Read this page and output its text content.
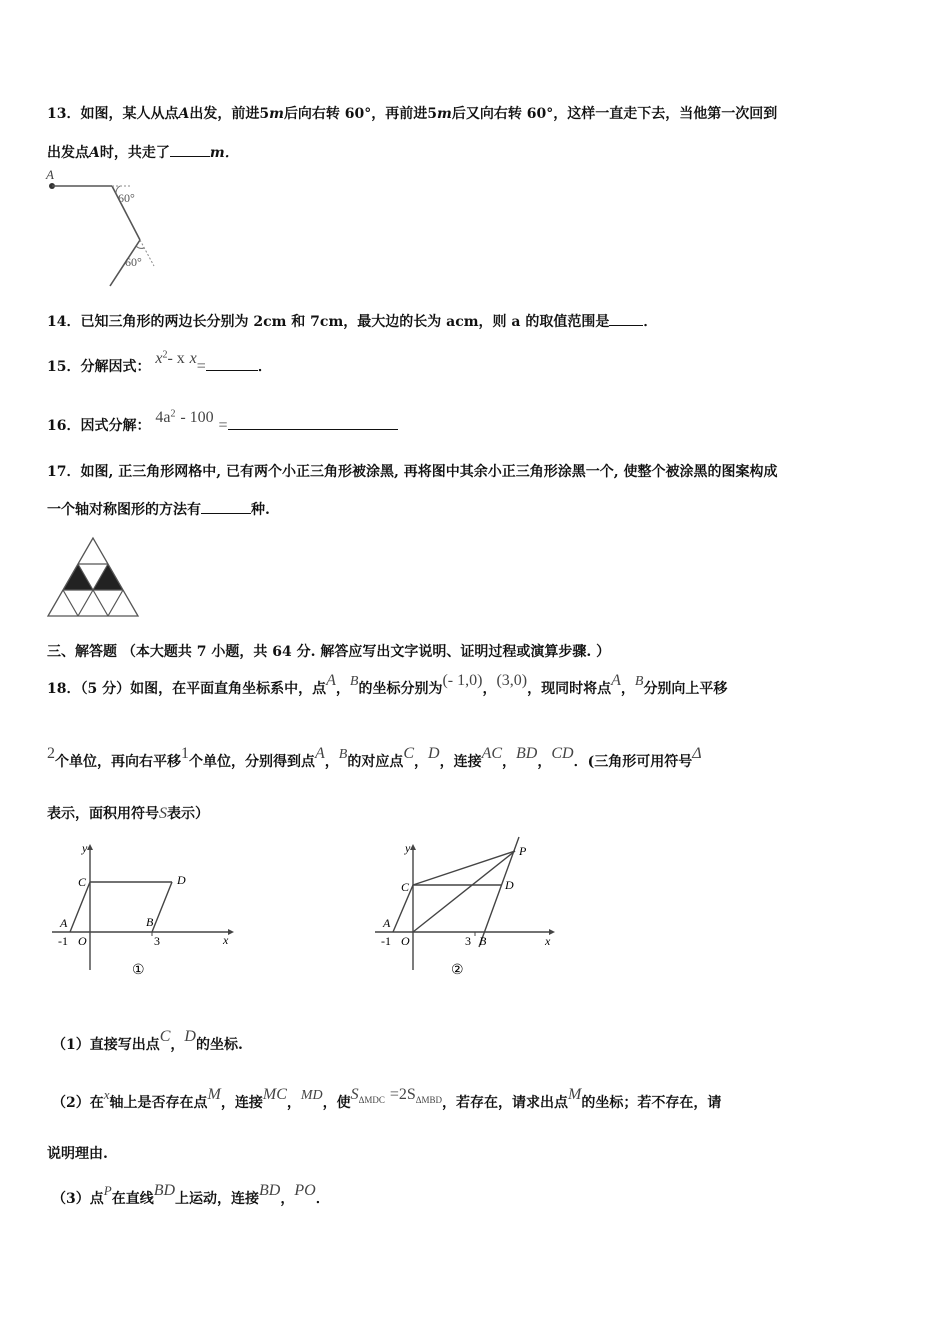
13．如图，某人从点A出发，前进5m后向右转 60°，再前进5m后又向右转 60°，这样一直走下去，当他第一次回到
出发点A时，共走了	m．
A
60°
60°
14．已知三角形的两边长分别为 2cm 和 7cm，最大边的长为 acm，则 a 的取值范围是 ．
15．分解因式： $x^2-$ x x=	．
16．因式分解： $4a^2 - 100$ =
17．如图, 正三角形网格中, 已有两个小正三角形被涂黑, 再将图中其余小正三角形涂黑一个, 使整个被涂黑的图案构成
一个轴对称图形的方法有	种.
三、解答题 （本大题共 7 小题，共 64 分. 解答应写出文字说明、证明过程或演算步骤. ）
18．（5 分）如图，在平面直角坐标系中，点A，B的坐标分别为(- 1,0)，(3,0)，现同时将点A，B分别向上平移
2个单位，再向右平移1个单位，分别得到点A，B的对应点C，D，连接AC，BD，CD．(三角形可用符号Δ
表示，面积用符号S表示）
y
x
C	D
A	B
-1 O	3
①
y
x
C	D
P
A
B
-1 O	3
②
（1）直接写出点C，D的坐标.
（2）在x轴上是否存在点M，连接MC，MD，使$S_{\Delta MDC} =2S_{\Delta MBD}$，若存在，请求出点M的坐标；若不存在，请
说明理由.
（3）点P在直线BD上运动，连接BD，PO．
